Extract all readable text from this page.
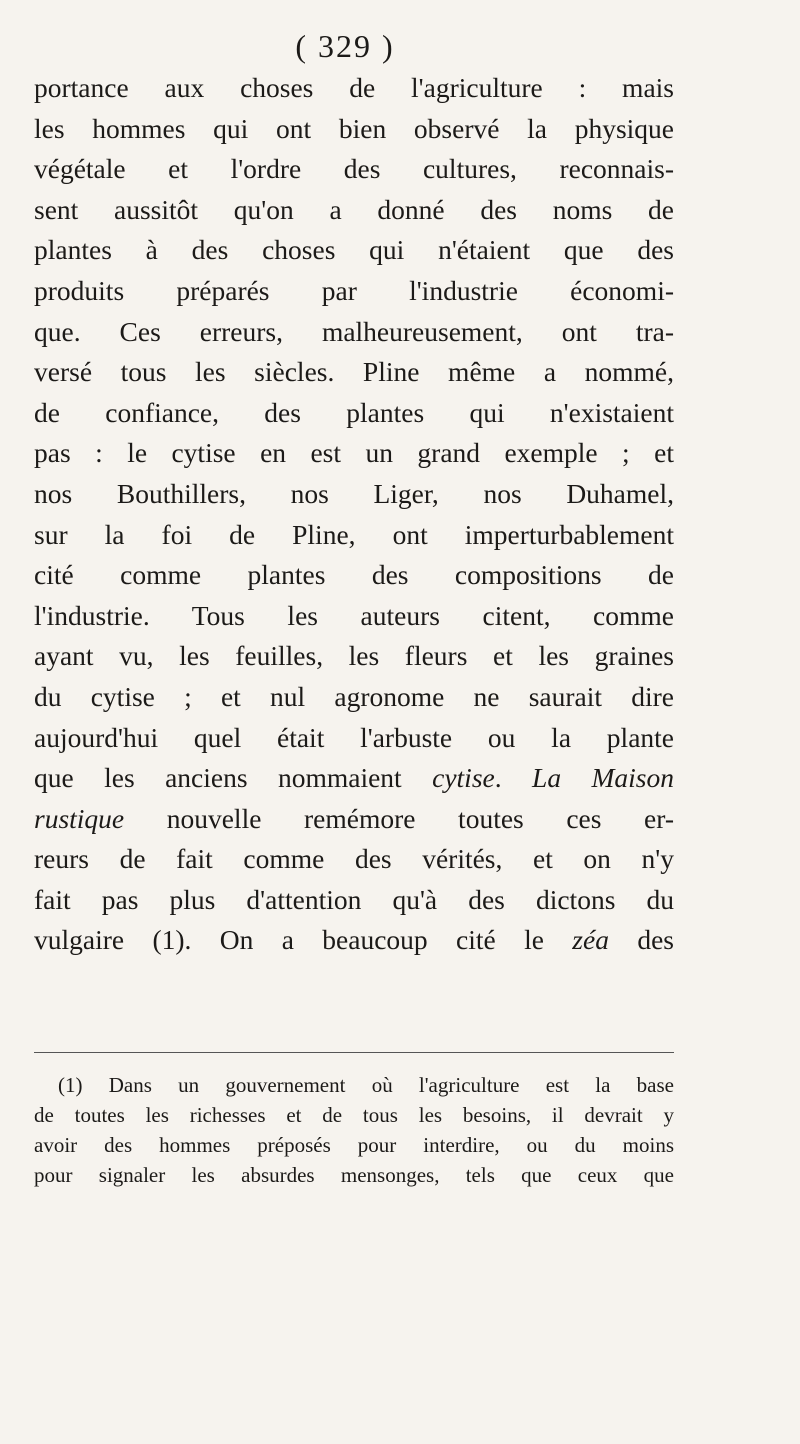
( 329 )
portance aux choses de l'agriculture : mais
les hommes qui ont bien observé la physique
végétale et l'ordre des cultures, reconnais-
sent aussitôt qu'on a donné des noms de
plantes à des choses qui n'étaient que des
produits préparés par l'industrie économi-
que. Ces erreurs, malheureusement, ont tra-
versé tous les siècles. Pline même a nommé,
de confiance, des plantes qui n'existaient
pas : le cytise en est un grand exemple ; et
nos Bouthillers, nos Liger, nos Duhamel,
sur la foi de Pline, ont imperturbablement
cité comme plantes des compositions de
l'industrie. Tous les auteurs citent, comme
ayant vu, les feuilles, les fleurs et les graines
du cytise ; et nul agronome ne saurait dire
aujourd'hui quel était l'arbuste ou la plante
que les anciens nommaient cytise. La Maison
rustique nouvelle remémore toutes ces er-
reurs de fait comme des vérités, et on n'y
fait pas plus d'attention qu'à des dictons du
vulgaire (1). On a beaucoup cité le zéa des
(1) Dans un gouvernement où l'agriculture est la base
de toutes les richesses et de tous les besoins, il devrait y
avoir des hommes préposés pour interdire, ou du moins
pour signaler les absurdes mensonges, tels que ceux que
